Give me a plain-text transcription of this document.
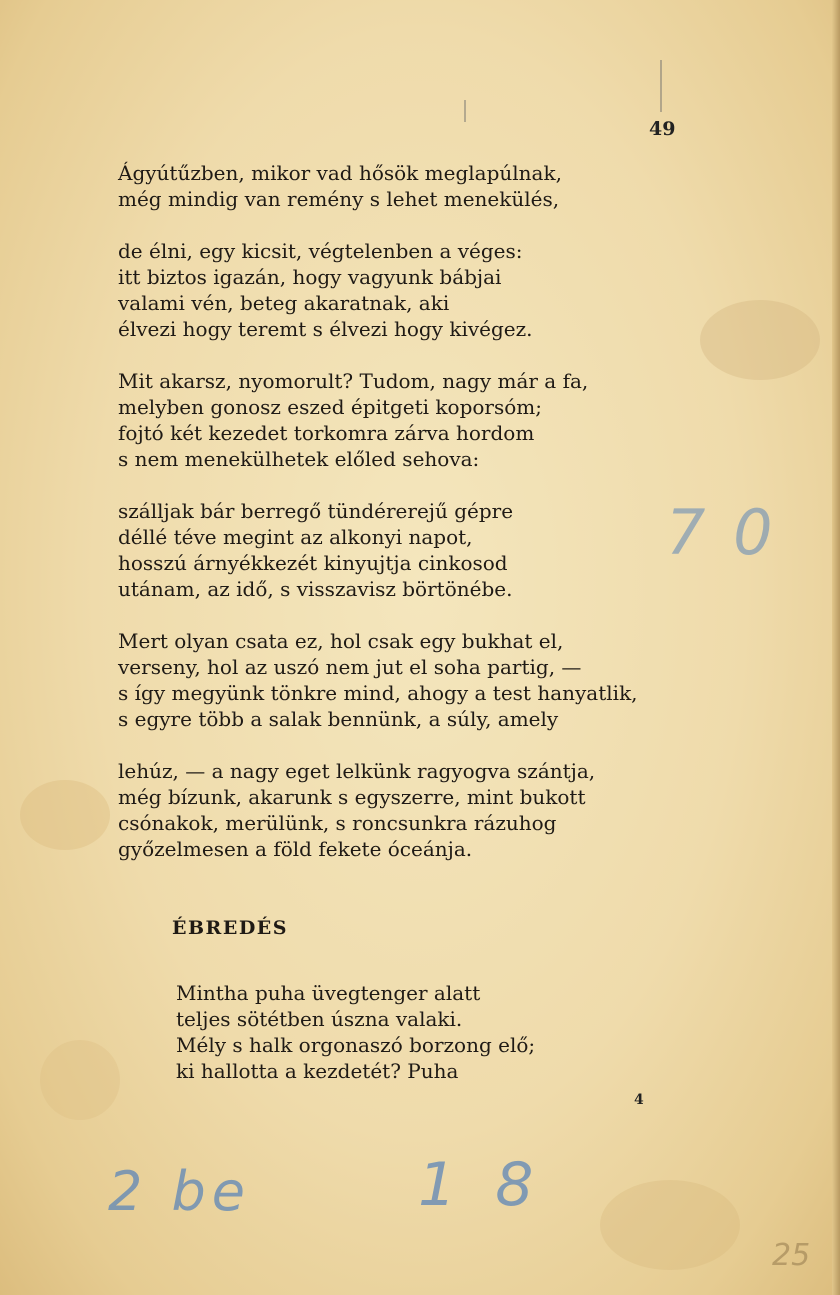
49
Ágyútűzben, mikor vad hősök meglapúlnak,
még mindig van remény s lehet menekülés,
de élni, egy kicsit, végtelenben a véges:
itt biztos igazán, hogy vagyunk bábjai
valami vén, beteg akaratnak, aki
élvezi hogy teremt s élvezi hogy kivégez.
Mit akarsz, nyomorult? Tudom, nagy már a fa,
melyben gonosz eszed épitgeti koporsóm;
fojtó két kezedet torkomra zárva hordom
s nem menekülhetek előled sehova:
szálljak bár berregő tündérerejű gépre
déllé téve megint az alkonyi napot,
hosszú árnyékkezét kinyujtja cinkosod
utánam, az idő, s visszavisz börtönébe.
Mert olyan csata ez, hol csak egy bukhat el,
verseny, hol az uszó nem jut el soha partig, —
s így megyünk tönkre mind, ahogy a test hanyatlik,
s egyre több a salak bennünk, a súly, amely
lehúz, — a nagy eget lelkünk ragyogva szántja,
még bízunk, akarunk s egyszerre, mint bukott
csónakok, merülünk, s roncsunkra rázuhog
győzelmesen a föld fekete óceánja.
ÉBREDÉS
Mintha puha üvegtenger alatt
teljes sötétben úszna valaki.
Mély s halk orgonaszó borzong elő;
ki hallotta a kezdetét? Puha
4
2 be	1 8
7 0
25
